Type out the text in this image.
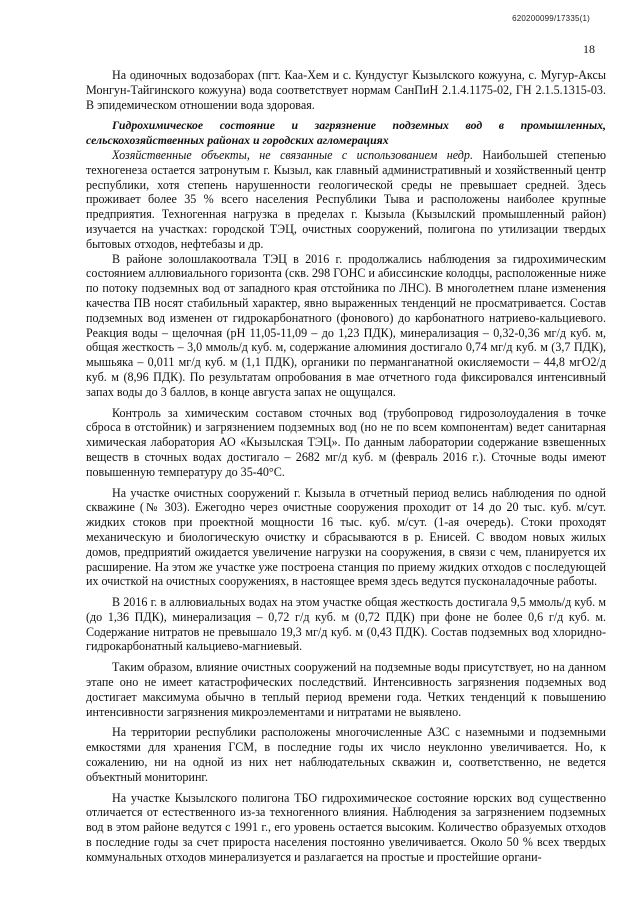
620200099/17335(1)
18

На одиночных водозаборах (пгт. Каа-Хем и с. Кундустуг Кызылского кожууна, с. Мугур-Аксы Монгун-Тайгинского кожууна) вода соответствует нормам СанПиН 2.1.4.1175-02, ГН 2.1.5.1315-03. В эпидемическом отношении вода здоровая.

Гидрохимическое состояние и загрязнение подземных вод в промышленных, сельскохозяйственных районах и городских агломерациях

Хозяйственные объекты, не связанные с использованием недр. Наибольшей степенью техногенеза остается затронутым г. Кызыл, как главный административный и хозяйственный центр республики, хотя степень нарушенности геологической среды не превышает средней. Здесь проживает более 35 % всего населения Республики Тыва и расположены наиболее крупные предприятия. Техногенная нагрузка в пределах г. Кызыла (Кызылский промышленный район) изучается на участках: городской ТЭЦ, очистных сооружений, полигона по утилизации твердых бытовых отходов, нефтебазы и др.

В районе золошлакоотвала ТЭЦ в 2016 г. продолжались наблюдения за гидрохимическим состоянием аллювиального горизонта (скв. 298 ГОНС и абиссинские колодцы, расположенные ниже по потоку подземных вод от западного края отстойника по ЛНС). В многолетнем плане изменения качества ПВ носят стабильный характер, явно выраженных тенденций не просматривается. Состав подземных вод изменен от гидрокарбонатного (фонового) до карбонатного натриево-кальциевого. Реакция воды – щелочная (pH 11,05-11,09 – до 1,23 ПДК), минерализация – 0,32-0,36 мг/д куб. м, общая жесткость – 3,0 ммоль/д куб. м, содержание алюминия достигало 0,74 мг/д куб. м (3,7 ПДК), мышьяка – 0,011 мг/д куб. м (1,1 ПДК), органики по перманганатной окисляемости – 44,8 мгО2/д куб. м (8,96 ПДК). По результатам опробования в мае отчетного года фиксировался интенсивный запах воды до 3 баллов, в конце августа запах не ощущался.

Контроль за химическим составом сточных вод (трубопровод гидрозолоудаления в точке сброса в отстойник) и загрязнением подземных вод (но не по всем компонентам) ведет санитарная химическая лаборатория АО «Кызылская ТЭЦ». По данным лаборатории содержание взвешенных веществ в сточных водах достигало – 2682 мг/д куб. м (февраль 2016 г.). Сточные воды имеют повышенную температуру до 35-40°С.

На участке очистных сооружений г. Кызыла в отчетный период велись наблюдения по одной скважине (№ 303). Ежегодно через очистные сооружения проходит от 14 до 20 тыс. куб. м/сут. жидких стоков при проектной мощности 16 тыс. куб. м/сут. (1-ая очередь). Стоки проходят механическую и биологическую очистку и сбрасываются в р. Енисей. С вводом новых жилых домов, предприятий ожидается увеличение нагрузки на сооружения, в связи с чем, планируется их расширение. На этом же участке уже построена станция по приему жидких отходов с последующей их очисткой на очистных сооружениях, в настоящее время здесь ведутся пусконаладочные работы.

В 2016 г. в аллювиальных водах на этом участке общая жесткость достигала 9,5 ммоль/д куб. м (до 1,36 ПДК), минерализация – 0,72 г/д куб. м (0,72 ПДК) при фоне не более 0,6 г/д куб. м. Содержание нитратов не превышало 19,3 мг/д куб. м (0,43 ПДК). Состав подземных вод хлоридно-гидрокарбонатный кальциево-магниевый.

Таким образом, влияние очистных сооружений на подземные воды присутствует, но на данном этапе оно не имеет катастрофических последствий. Интенсивность загрязнения подземных вод достигает максимума обычно в теплый период времени года. Четких тенденций к повышению интенсивности загрязнения микроэлементами и нитратами не выявлено.

На территории республики расположены многочисленные АЗС с наземными и подземными емкостями для хранения ГСМ, в последние годы их число неуклонно увеличивается. Но, к сожалению, ни на одной из них нет наблюдательных скважин и, соответственно, не ведется объектный мониторинг.

На участке Кызылского полигона ТБО гидрохимическое состояние юрских вод существенно отличается от естественного из-за техногенного влияния. Наблюдения за загрязнением подземных вод в этом районе ведутся с 1991 г., его уровень остается высоким. Количество образуемых отходов в последние годы за счет прироста населения постоянно увеличивается. Около 50 % всех твердых коммунальных отходов минерализуется и разлагается на простые и простейшие органи-
